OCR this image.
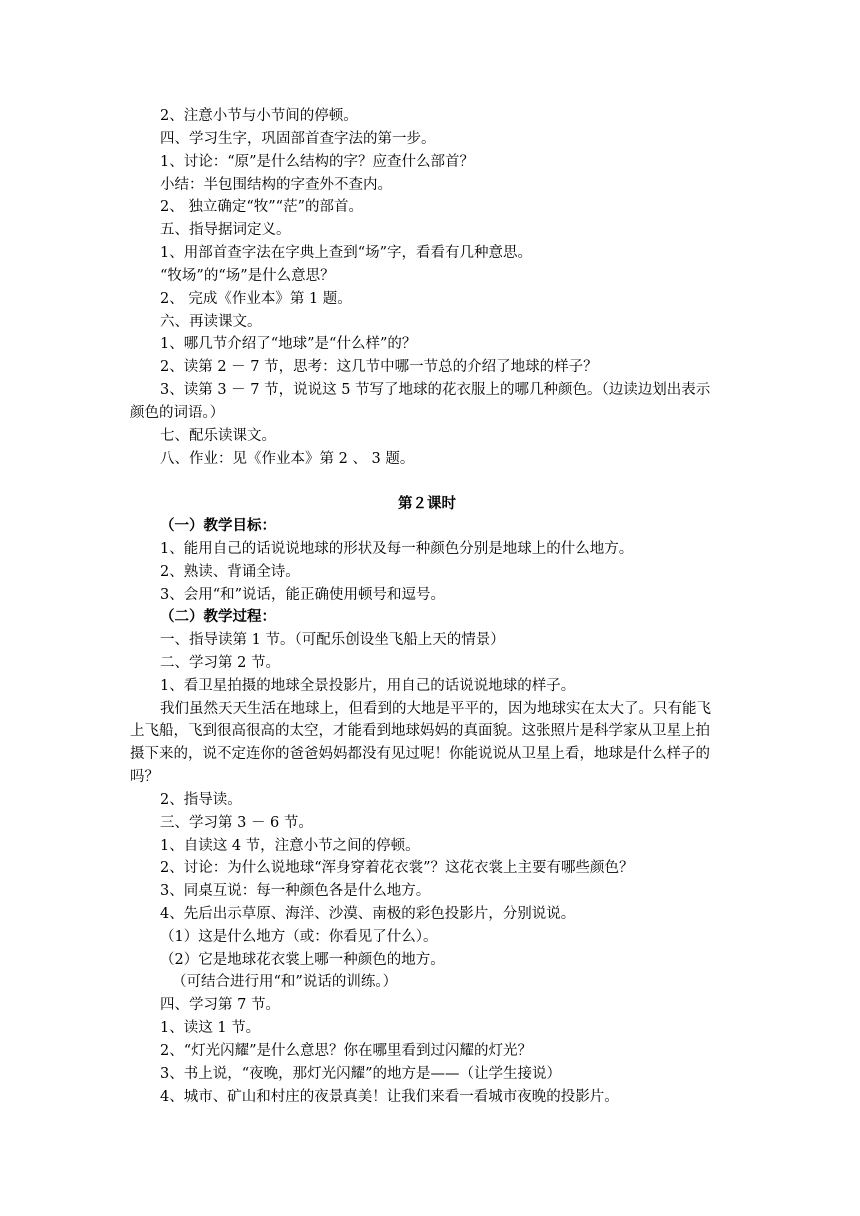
2、注意小节与小节间的停顿。
四、学习生字，巩固部首查字法的第一步。
1、讨论：“原”是什么结构的字？应查什么部首？
小结：半包围结构的字查外不查内。
2、 独立确定“牧”“茫”的部首。
五、指导据词定义。
1、用部首查字法在字典上查到“场”字，看看有几种意思。
“牧场”的“场”是什么意思？
2、 完成《作业本》第 1 题。
六、再读课文。
1、哪几节介绍了“地球”是“什么样”的？
2、读第 2 － 7 节，思考：这几节中哪一节总的介绍了地球的样子？
3、读第 3 － 7 节，说说这 5 节写了地球的花衣服上的哪几种颜色。（边读边划出表示
颜色的词语。）
七、配乐读课文。
八、作业：见《作业本》第 2 、 3 题。
第２课时
（一）教学目标：
1、能用自己的话说说地球的形状及每一种颜色分别是地球上的什么地方。
2、熟读、背诵全诗。
3、会用“和”说话，能正确使用顿号和逗号。
（二）教学过程：
一、指导读第 1 节。（可配乐创设坐飞船上天的情景）
二、学习第 2 节。
1、看卫星拍摄的地球全景投影片，用自己的话说说地球的样子。
我们虽然天天生活在地球上，但看到的大地是平平的，因为地球实在太大了。只有能飞
上飞船，飞到很高很高的太空，才能看到地球妈妈的真面貌。这张照片是科学家从卫星上拍
摄下来的，说不定连你的爸爸妈妈都没有见过呢！你能说说从卫星上看，地球是什么样子的
吗？
2、指导读。
三、学习第 3 － 6 节。
1、自读这 4 节，注意小节之间的停顿。
2、讨论：为什么说地球“浑身穿着花衣裳”？这花衣裳上主要有哪些颜色？
3、同桌互说：每一种颜色各是什么地方。
4、先后出示草原、海洋、沙漠、南极的彩色投影片，分别说说。
（1）这是什么地方（或：你看见了什么）。
（2）它是地球花衣裳上哪一种颜色的地方。
（可结合进行用“和”说话的训练。）
四、学习第 7 节。
1、读这 1 节。
2、“灯光闪耀”是什么意思？你在哪里看到过闪耀的灯光？
3、书上说，“夜晚，那灯光闪耀”的地方是——（让学生接说）
4、城市、矿山和村庄的夜景真美！让我们来看一看城市夜晚的投影片。
